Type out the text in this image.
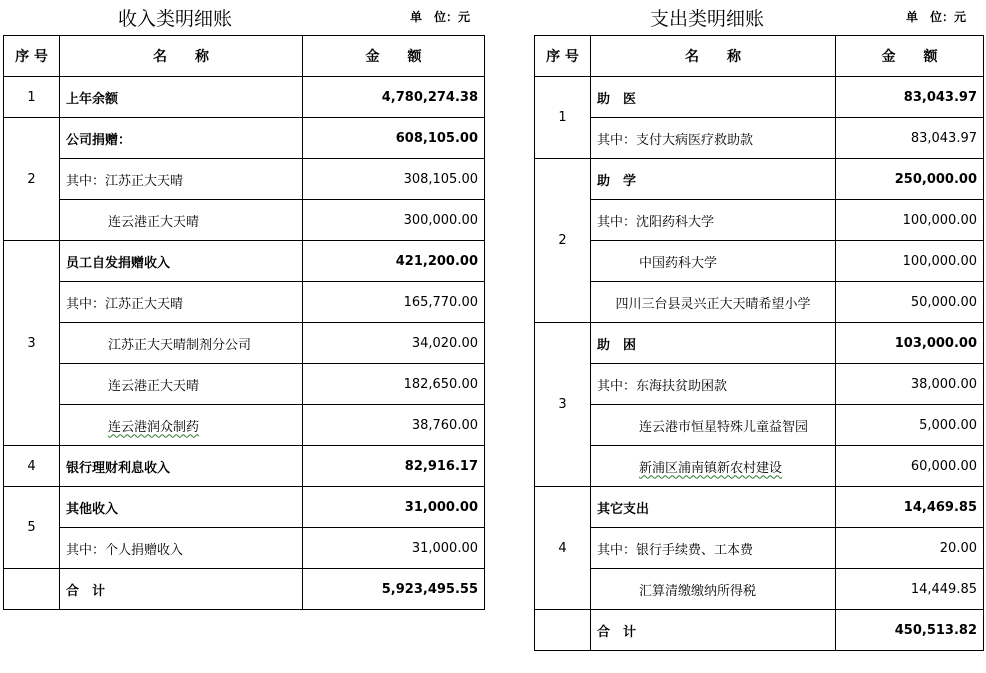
收入类明细账	单　位：元
序 号	名　　称	金　　额
1	上年余额	4,780,274.38
2	公司捐赠：	608,105.00
	其中：江苏正大天晴	308,105.00
	连云港正大天晴	300,000.00
3	员工自发捐赠收入	421,200.00
	其中：江苏正大天晴	165,770.00
	江苏正大天晴制剂分公司	34,020.00
	连云港正大天晴	182,650.00
	连云港润众制药	38,760.00
4	银行理财利息收入	82,916.17
5	其他收入	31,000.00
	其中：个人捐赠收入	31,000.00
	合　计	5,923,495.55
支出类明细账	单　位：元
序 号	名　　称	金　　额
1	助　医	83,043.97
	其中：支付大病医疗救助款	83,043.97
2	助　学	250,000.00
	其中：沈阳药科大学	100,000.00
	中国药科大学	100,000.00
	四川三台县灵兴正大天晴希望小学	50,000.00
3	助　困	103,000.00
	其中：东海扶贫助困款	38,000.00
	连云港市恒星特殊儿童益智园	5,000.00
	新浦区浦南镇新农村建设	60,000.00
4	其它支出	14,469.85
	其中：银行手续费、工本费	20.00
	汇算清缴缴纳所得税	14,449.85
	合　计	450,513.82
